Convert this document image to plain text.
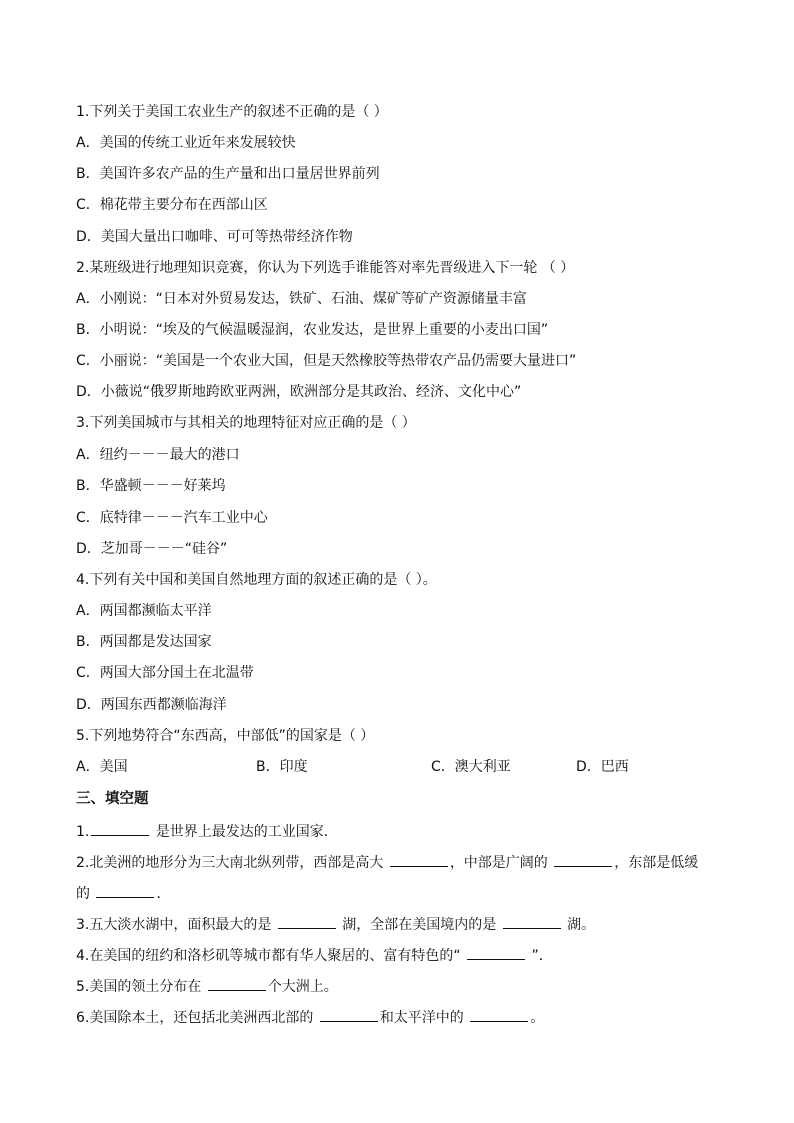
1.下列关于美国工农业生产的叙述不正确的是（ ）
A．美国的传统工业近年来发展较快
B．美国许多农产品的生产量和出口量居世界前列
C．棉花带主要分布在西部山区
D．美国大量出口咖啡、可可等热带经济作物
2.某班级进行地理知识竞赛，你认为下列选手谁能答对率先晋级进入下一轮 （ ）
A．小刚说：“日本对外贸易发达，铁矿、石油、煤矿等矿产资源储量丰富
B．小明说：“埃及的气候温暖湿润，农业发达，是世界上重要的小麦出口国”
C．小丽说：“美国是一个农业大国，但是天然橡胶等热带农产品仍需要大量进口”
D．小薇说“俄罗斯地跨欧亚两洲，欧洲部分是其政治、经济、文化中心”
3.下列美国城市与其相关的地理特征对应正确的是（ ）
A．纽约－－－最大的港口
B．华盛顿－－－好莱坞
C．底特律－－－汽车工业中心
D．芝加哥－－－“硅谷”
4.下列有关中国和美国自然地理方面的叙述正确的是（ ）。
A．两国都濒临太平洋
B．两国都是发达国家
C．两国大部分国土在北温带
D．两国东西都濒临海洋
5.下列地势符合“东西高，中部低”的国家是（ ）
A．美国	B．印度	C．澳大利亚	D．巴西
三、填空题
1.	是世界上最发达的工业国家．
2.北美洲的地形分为三大南北纵列带，西部是高大	，中部是广阔的	，东部是低缓
的	．
3.五大淡水湖中，面积最大的是	湖，全部在美国境内的是	湖。
4.在美国的纽约和洛杉矶等城市都有华人聚居的、富有特色的“	”．
5.美国的领土分布在	个大洲上。
6.美国除本土，还包括北美洲西北部的	和太平洋中的	。
